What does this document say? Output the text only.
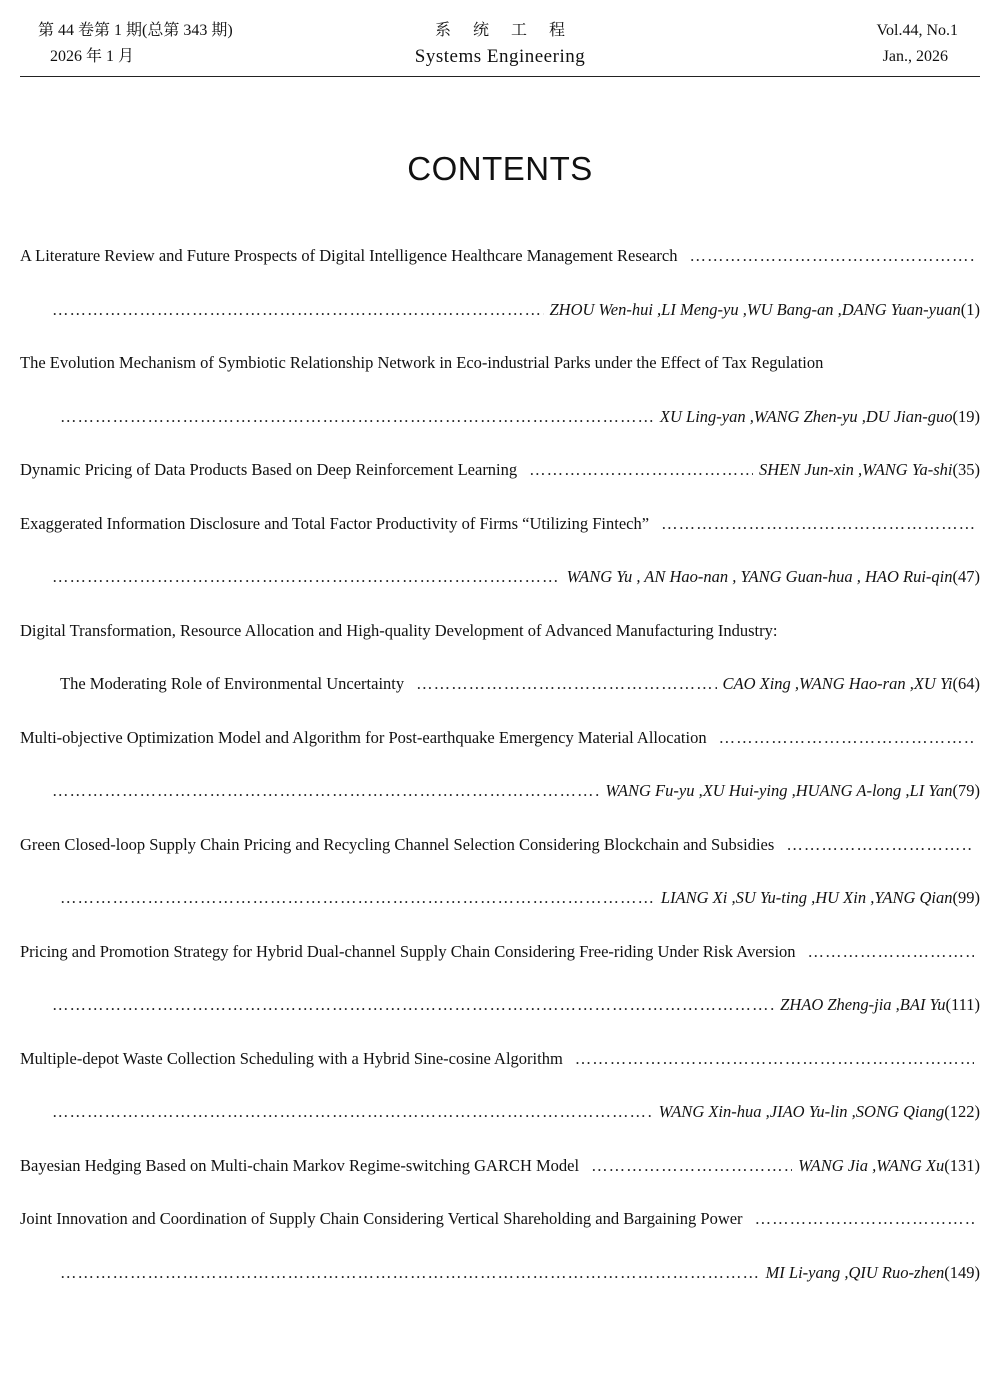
第 44 卷第 1 期(总第 343 期)
2026 年 1 月
系统工程
Systems Engineering
Vol.44, No.1
Jan., 2026
CONTENTS
A Literature Review and Future Prospects of Digital Intelligence Healthcare Management Research
……………………………………………………………………………………………………………………………………………………………………………………………………………………………………………
……………………………………………………………………………………………………………………………………………………………………………………………………………………………………………
ZHOU Wen-hui ,LI Meng-yu ,WU Bang-an ,DANG Yuan-yuan(1)
The Evolution Mechanism of Symbiotic Relationship Network in Eco-industrial Parks under the Effect of Tax Regulation
……………………………………………………………………………………………………………………………………………………………………………………………………………………………………………
XU Ling-yan ,WANG Zhen-yu ,DU Jian-guo(19)
Dynamic Pricing of Data Products Based on Deep Reinforcement Learning ……………………………………………………………………………………………………………………………………………………………………………………………………………………………………………	SHEN Jun-xin ,WANG Ya-shi(35)
Exaggerated Information Disclosure and Total Factor Productivity of Firms “Utilizing Fintech”
……………………………………………………………………………………………………………………………………………………………………………………………………………………………………………
……………………………………………………………………………………………………………………………………………………………………………………………………………………………………………
WANG Yu , AN Hao-nan , YANG Guan-hua , HAO Rui-qin(47)
Digital Transformation, Resource Allocation and High-quality Development of Advanced Manufacturing Industry:
The Moderating Role of Environmental Uncertainty ……………………………………………………………………………………………………………………………………………………………………………………………………………………………………………	CAO Xing ,WANG Hao-ran ,XU Yi(64)
Multi-objective Optimization Model and Algorithm for Post-earthquake Emergency Material Allocation
……………………………………………………………………………………………………………………………………………………………………………………………………………………………………………
……………………………………………………………………………………………………………………………………………………………………………………………………………………………………………
WANG Fu-yu ,XU Hui-ying ,HUANG A-long ,LI Yan(79)
Green Closed-loop Supply Chain Pricing and Recycling Channel Selection Considering Blockchain and Subsidies
……………………………………………………………………………………………………………………………………………………………………………………………………………………………………………
……………………………………………………………………………………………………………………………………………………………………………………………………………………………………………
LIANG Xi ,SU Yu-ting ,HU Xin ,YANG Qian(99)
Pricing and Promotion Strategy for Hybrid Dual-channel Supply Chain Considering Free-riding Under Risk Aversion
……………………………………………………………………………………………………………………………………………………………………………………………………………………………………………
……………………………………………………………………………………………………………………………………………………………………………………………………………………………………………
ZHAO Zheng-jia ,BAI Yu(111)
Multiple-depot Waste Collection Scheduling with a Hybrid Sine-cosine Algorithm
……………………………………………………………………………………………………………………………………………………………………………………………………………………………………………
……………………………………………………………………………………………………………………………………………………………………………………………………………………………………………
WANG Xin-hua ,JIAO Yu-lin ,SONG Qiang(122)
Bayesian Hedging Based on Multi-chain Markov Regime-switching GARCH Model ……………………………………………………………………………………………………………………………………………………………………………………………………………………………………………	WANG Jia ,WANG Xu(131)
Joint Innovation and Coordination of Supply Chain Considering Vertical Shareholding and Bargaining Power
……………………………………………………………………………………………………………………………………………………………………………………………………………………………………………
……………………………………………………………………………………………………………………………………………………………………………………………………………………………………………
MI Li-yang ,QIU Ruo-zhen(149)
